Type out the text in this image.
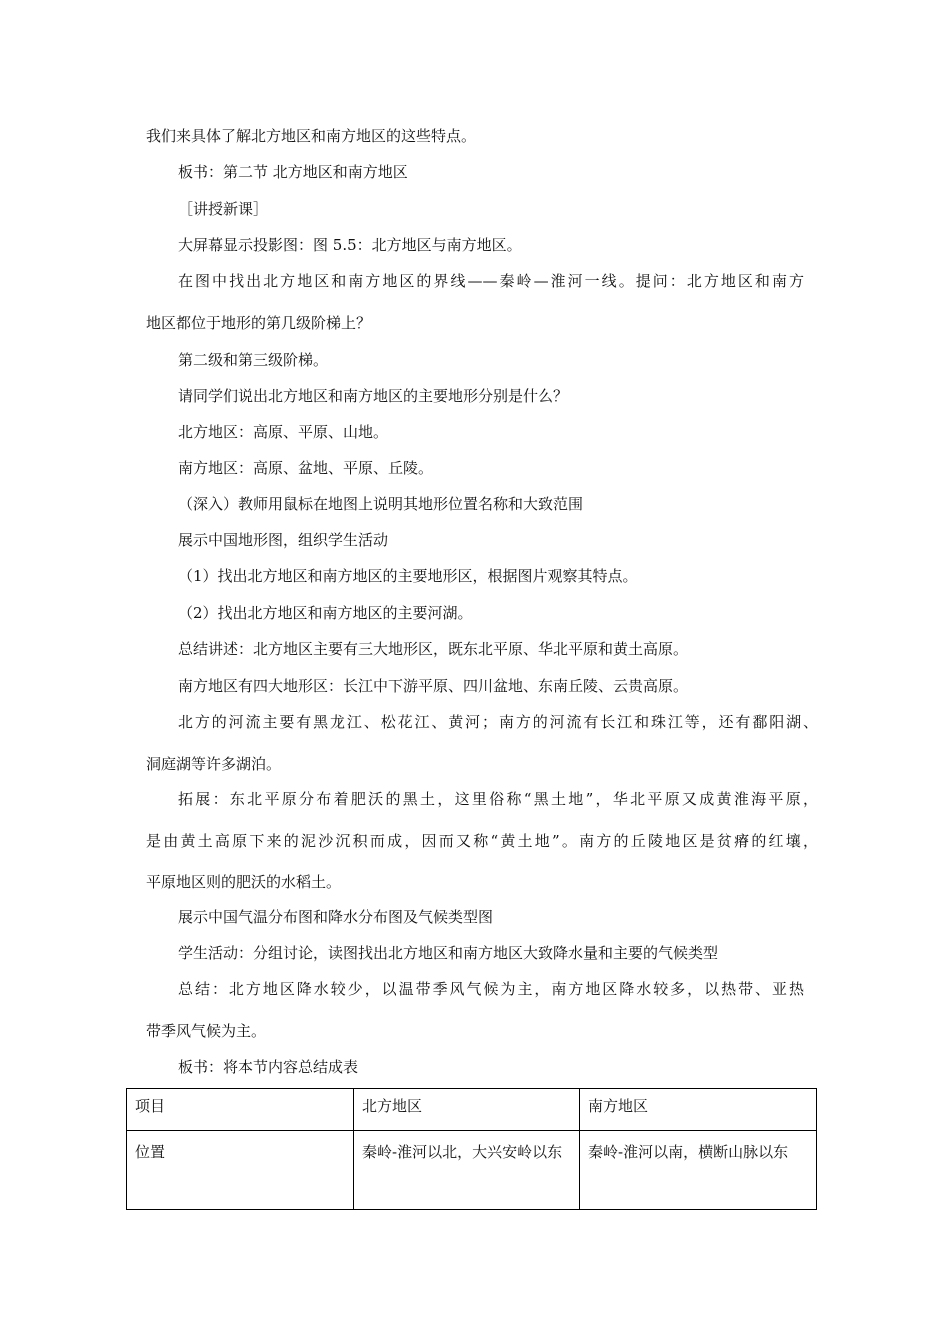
我们来具体了解北方地区和南方地区的这些特点。
板书：第二节 北方地区和南方地区
［讲授新课］
大屏幕显示投影图：图 5.5：北方地区与南方地区。
在图中找出北方地区和南方地区的界线——秦岭—淮河一线。提问：北方地区和南方
地区都位于地形的第几级阶梯上？
第二级和第三级阶梯。
请同学们说出北方地区和南方地区的主要地形分别是什么？
北方地区：高原、平原、山地。
南方地区：高原、盆地、平原、丘陵。
（深入）教师用鼠标在地图上说明其地形位置名称和大致范围
展示中国地形图，组织学生活动
（1）找出北方地区和南方地区的主要地形区，根据图片观察其特点。
（2）找出北方地区和南方地区的主要河湖。
总结讲述：北方地区主要有三大地形区，既东北平原、华北平原和黄土高原。
南方地区有四大地形区：长江中下游平原、四川盆地、东南丘陵、云贵高原。
北方的河流主要有黑龙江、松花江、黄河；南方的河流有长江和珠江等，还有鄱阳湖、
洞庭湖等许多湖泊。
拓展：东北平原分布着肥沃的黑土，这里俗称“黑土地”，华北平原又成黄淮海平原，
是由黄土高原下来的泥沙沉积而成，因而又称“黄土地”。南方的丘陵地区是贫瘠的红壤，
平原地区则的肥沃的水稻土。
展示中国气温分布图和降水分布图及气候类型图
学生活动：分组讨论，读图找出北方地区和南方地区大致降水量和主要的气候类型
总结：北方地区降水较少，以温带季风气候为主，南方地区降水较多，以热带、亚热
带季风气候为主。
板书：将本节内容总结成表
项目	北方地区	南方地区
位置	秦岭-淮河以北，大兴安岭以东	秦岭-淮河以南，横断山脉以东
